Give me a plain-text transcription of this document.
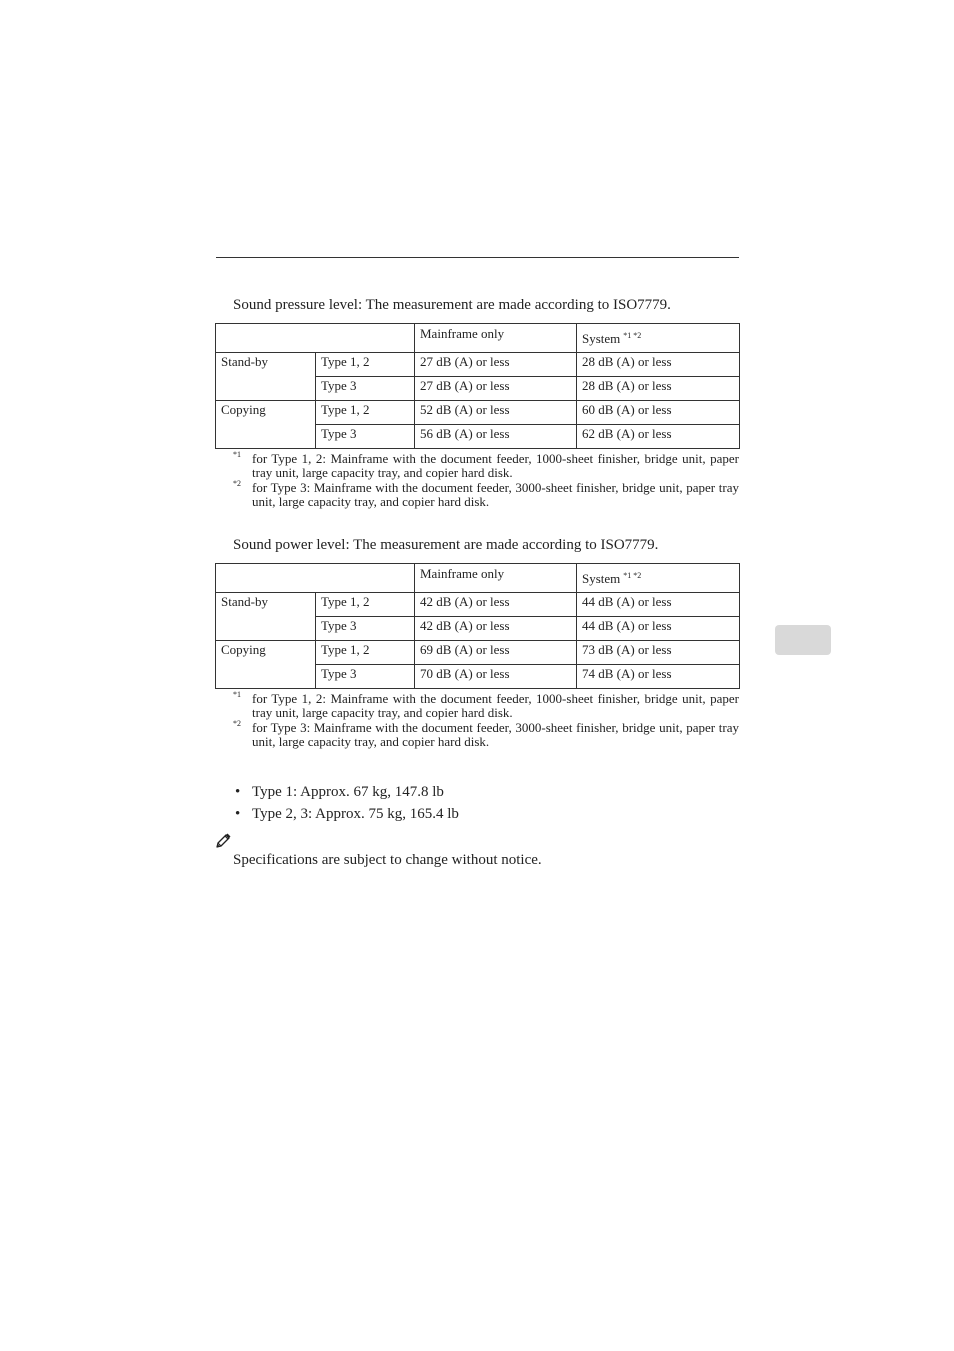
Sound pressure level: The measurement are made according to ISO7779.
		Mainframe only	System $^{*1 *2}$
Stand-by	Type 1, 2	27 dB (A) or less	28 dB (A) or less
	Type 3	27 dB (A) or less	28 dB (A) or less
Copying	Type 1, 2	52 dB (A) or less	60 dB (A) or less
	Type 3	56 dB (A) or less	62 dB (A) or less
*1 for Type 1, 2: Mainframe with the document feeder, 1000-sheet finisher, bridge unit, paper tray unit, large capacity tray, and copier hard disk.
*2 for Type 3: Mainframe with the document feeder, 3000-sheet finisher, bridge unit, paper tray unit, large capacity tray, and copier hard disk.
Sound power level: The measurement are made according to ISO7779.
		Mainframe only	System $^{*1 *2}$
Stand-by	Type 1, 2	42 dB (A) or less	44 dB (A) or less
	Type 3	42 dB (A) or less	44 dB (A) or less
Copying	Type 1, 2	69 dB (A) or less	73 dB (A) or less
	Type 3	70 dB (A) or less	74 dB (A) or less
*1 for Type 1, 2: Mainframe with the document feeder, 1000-sheet finisher, bridge unit, paper tray unit, large capacity tray, and copier hard disk.
*2 for Type 3: Mainframe with the document feeder, 3000-sheet finisher, bridge unit, paper tray unit, large capacity tray, and copier hard disk.
• Type 1: Approx. 67 kg, 147.8 lb
• Type 2, 3: Approx. 75 kg, 165.4 lb
Specifications are subject to change without notice.
